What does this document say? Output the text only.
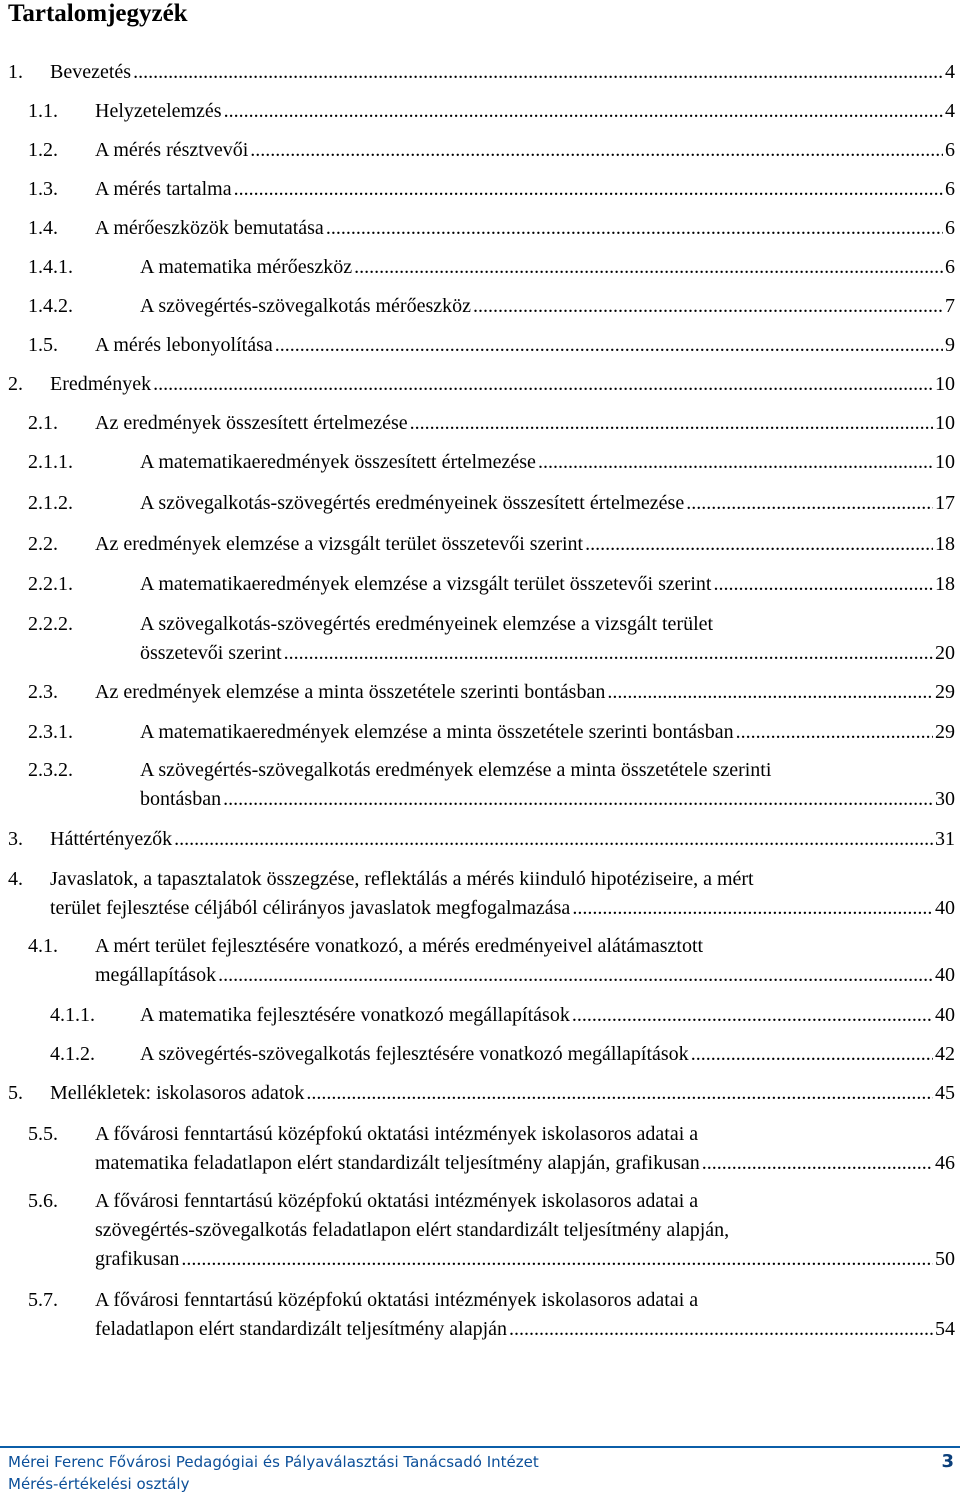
Tartalomjegyzék
1. Bevezetés .....	4
1.1. Helyzetelemzés .....	4
1.2. A mérés résztvevői .....	6
1.3. A mérés tartalma .....	6
1.4. A mérőeszközök bemutatása .....	6
1.4.1.	A matematika mérőeszköz .....	6
1.4.2.	A szövegértés-szövegalkotás mérőeszköz .....	7
1.5. A mérés lebonyolítása .....	9
2. Eredmények .....	10
2.1. Az eredmények összesített értelmezése .....	10
2.1.1.	A matematikaeredmények összesített értelmezése .....	10
2.1.2.	A szövegalkotás-szövegértés eredményeinek összesített értelmezése .....	17
2.2. Az eredmények elemzése a vizsgált terület összetevői szerint .....	18
2.2.1.	A matematikaeredmények elemzése a vizsgált terület összetevői szerint .....	18
2.2.2.	A szövegalkotás-szövegértés eredményeinek elemzése a vizsgált terület
összetevői szerint .....	20
2.3. Az eredmények elemzése a minta összetétele szerinti bontásban .....	29
2.3.1.	A matematikaeredmények elemzése a minta összetétele szerinti bontásban .....	29
2.3.2.	A szövegértés-szövegalkotás eredmények elemzése a minta összetétele szerinti
bontásban .....	30
3. Háttértényezők .....	31
4. Javaslatok, a tapasztalatok összegzése, reflektálás a mérés kiinduló hipotéziseire, a mért
terület fejlesztése céljából célirányos javaslatok megfogalmazása .....	40
4.1. A mért terület fejlesztésére vonatkozó, a mérés eredményeivel alátámasztott
megállapítások .....	40
4.1.1. A matematika fejlesztésére vonatkozó megállapítások .....	40
4.1.2. A szövegértés-szövegalkotás fejlesztésére vonatkozó megállapítások .....	42
5. Mellékletek: iskolasoros adatok .....	45
5.5. A fővárosi fenntartású középfokú oktatási intézmények iskolasoros adatai a
matematika feladatlapon elért standardizált teljesítmény alapján, grafikusan .....	46
5.6. A fővárosi fenntartású középfokú oktatási intézmények iskolasoros adatai a
szövegértés-szövegalkotás feladatlapon elért standardizált teljesítmény alapján,
grafikusan .....	50
5.7. A fővárosi fenntartású középfokú oktatási intézmények iskolasoros adatai a
feladatlapon elért standardizált teljesítmény alapján .....	54
Mérei Ferenc Fővárosi Pedagógiai és Pályaválasztási Tanácsadó Intézet
Mérés-értékelési osztály
3
